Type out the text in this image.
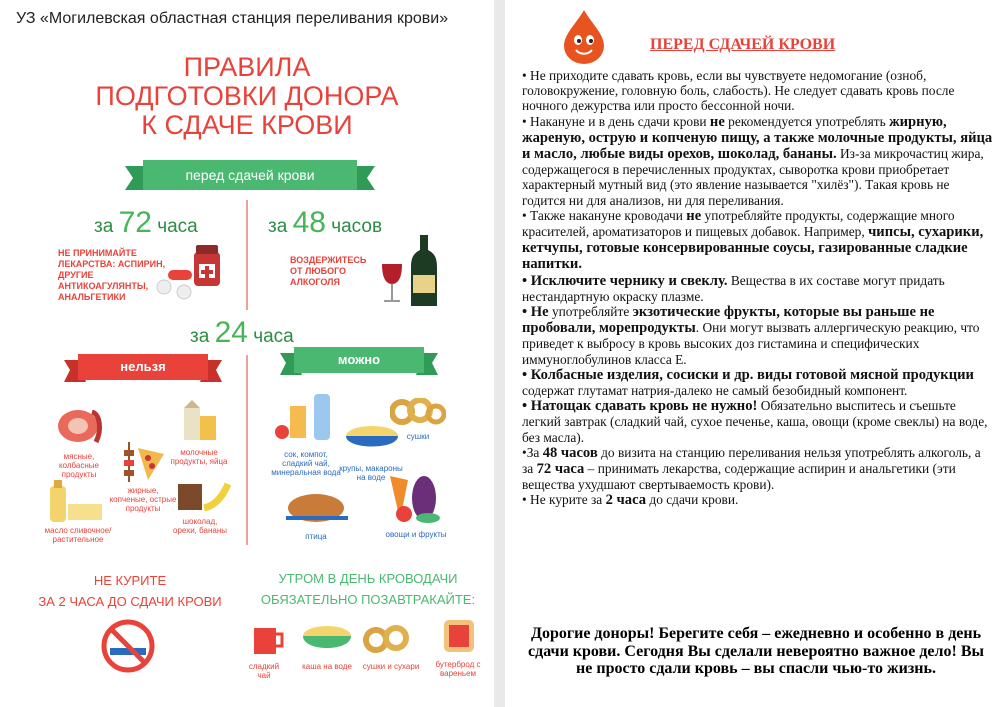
УЗ «Могилевская областная станция переливания крови»
ПРАВИЛА
ПОДГОТОВКИ ДОНОРА
К СДАЧЕ КРОВИ
перед сдачей крови
за 72 часа
НЕ ПРИНИМАЙТЕ ЛЕКАРСТВА: АСПИРИН, ДРУГИЕ АНТИКОАГУЛЯНТЫ, АНАЛЬГЕТИКИ
за 48 часов
ВОЗДЕРЖИТЕСЬ ОТ ЛЮБОГО АЛКОГОЛЯ
за 24 часа
нельзя	можно
мясные, колбасные продукты
жирные, копченые, острые продукты
молочные продукты, яйца
масло сливочное/ растительное
шоколад, орехи, бананы
сок, компот, сладкий чай, минеральная вода
крупы, макароны на воде
сушки
птица	овощи и фрукты
НЕ КУРИТЕ
ЗА 2 ЧАСА ДО СДАЧИ КРОВИ
УТРОМ В ДЕНЬ КРОВОДАЧИ
ОБЯЗАТЕЛЬНО ПОЗАВТРАКАЙТЕ:
сладкий чай
каша на воде	сушки и сухари	бутерброд с вареньем
ПЕРЕД СДАЧЕЙ КРОВИ
• Не приходите сдавать кровь, если вы чувствуете недомогание (озноб, головокружение, головную боль, слабость). Не следует сдавать кровь после ночного дежурства или просто бессонной ночи.
• Накануне и в день сдачи крови не рекомендуется употреблять жирную, жареную, острую и копченую пищу, а также молочные продукты, яйца и масло, любые виды орехов, шоколад, бананы. Из-за микрочастиц жира, содержащегося в перечисленных продуктах, сыворотка крови приобретает характерный мутный вид (это явление называется "хилёз"). Такая кровь не годится ни для анализов, ни для переливания.
• Также накануне кроводачи не употребляйте продукты, содержащие много красителей, ароматизаторов и пищевых добавок. Например, чипсы, сухарики, кетчупы, готовые консервированные соусы, газированные сладкие напитки.
• Исключите чернику и свеклу. Вещества в их составе могут придать нестандартную окраску плазме.
• Не употребляйте экзотические фрукты, которые вы раньше не пробовали, морепродукты. Они могут вызвать аллергическую реакцию, что приведет к выбросу в кровь высоких доз гистамина и специфических иммуноглобулинов класса Е.
• Колбасные изделия, сосиски и др. виды готовой мясной продукции содержат глутамат натрия-далеко не самый безобидный компонент.
• Натощак сдавать кровь не нужно! Обязательно выспитесь и съешьте легкий завтрак (сладкий чай, сухое печенье, каша, овощи (кроме свеклы) на воде, без масла).
•За 48 часов до визита на станцию переливания нельзя употреблять алкоголь, а за 72 часа – принимать лекарства, содержащие аспирин и анальгетики (эти вещества ухудшают свертываемость крови).
• Не курите за 2 часа до сдачи крови.
Дорогие доноры! Берегите себя – ежедневно и особенно в день сдачи крови. Сегодня Вы сделали невероятно важное дело! Вы не просто сдали кровь – вы спасли чью-то жизнь.
